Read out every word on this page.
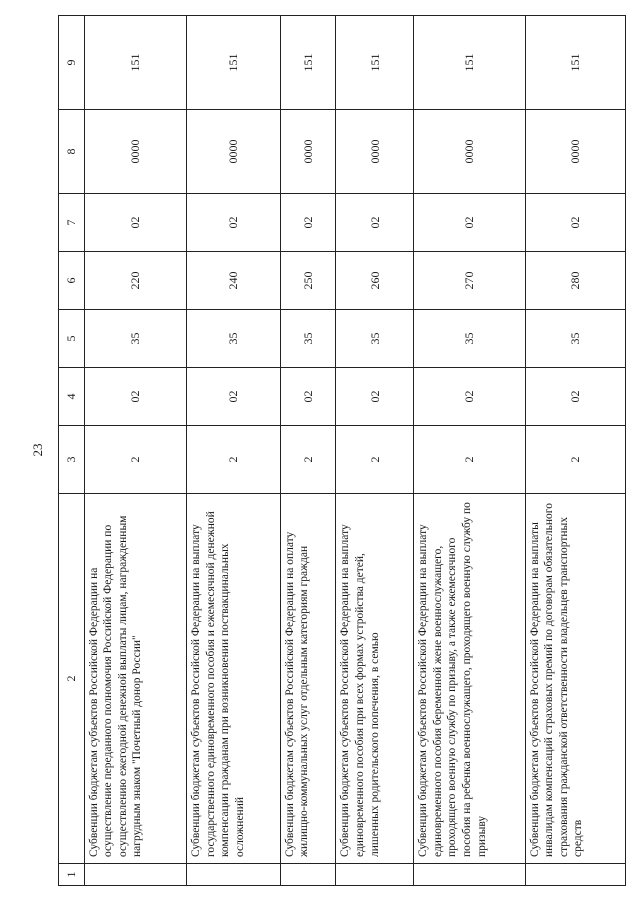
23
1	2	3	4	5	6	7	8	9
	Субвенции бюджетам субъектов Российской Федерации на осуществление переданного полномочия Российской Федерации по осуществлению ежегодной денежной выплаты лицам, награжденным нагрудным знаком "Почетный донор России"	2	02	35	220	02	0000	151
	Субвенции бюджетам субъектов Российской Федерации на выплату государственного единовременного пособия и ежемесячной денежной компенсации гражданам при возникновении поствакцинальных осложнений	2	02	35	240	02	0000	151
	Субвенции бюджетам субъектов Российской Федерации на оплату жилищно-коммунальных услуг отдельным категориям граждан	2	02	35	250	02	0000	151
	Субвенции бюджетам субъектов Российской Федерации на выплату единовременного пособия при всех формах устройства детей, лишенных родительского попечения, в семью	2	02	35	260	02	0000	151
	Субвенции бюджетам субъектов Российской Федерации на выплату единовременного пособия беременной жене военнослужащего, проходящего военную службу по призыву, а также ежемесячного пособия на ребенка военнослужащего, проходящего военную службу по призыву	2	02	35	270	02	0000	151
	Субвенции бюджетам субъектов Российской Федерации на выплаты инвалидам компенсаций страховых премий по договорам обязательного страхования гражданской ответственности владельцев транспортных средств	2	02	35	280	02	0000	151
